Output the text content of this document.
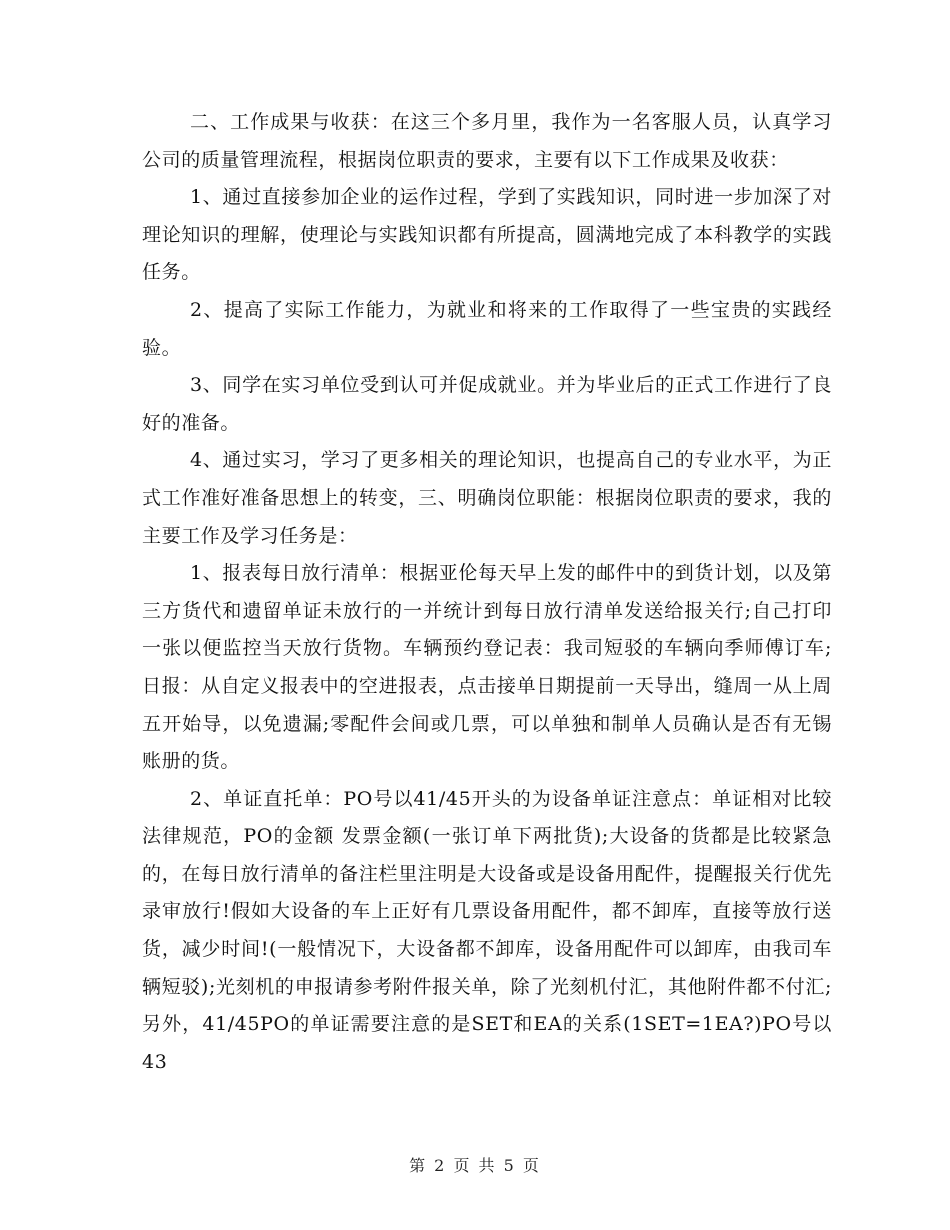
二、工作成果与收获：在这三个多月里，我作为一名客服人员，认真学习公司的质量管理流程，根据岗位职责的要求，主要有以下工作成果及收获：

1、通过直接参加企业的运作过程，学到了实践知识，同时进一步加深了对理论知识的理解，使理论与实践知识都有所提高，圆满地完成了本科教学的实践任务。

2、提高了实际工作能力，为就业和将来的工作取得了一些宝贵的实践经验。

3、同学在实习单位受到认可并促成就业。并为毕业后的正式工作进行了良好的准备。

4、通过实习，学习了更多相关的理论知识，也提高自己的专业水平，为正式工作准好准备思想上的转变，三、明确岗位职能：根据岗位职责的要求，我的主要工作及学习任务是：

1、报表每日放行清单：根据亚伦每天早上发的邮件中的到货计划，以及第三方货代和遗留单证未放行的一并统计到每日放行清单发送给报关行;自己打印一张以便监控当天放行货物。车辆预约登记表：我司短驳的车辆向季师傅订车;日报：从自定义报表中的空进报表，点击接单日期提前一天导出，缝周一从上周五开始导，以免遗漏;零配件会间或几票，可以单独和制单人员确认是否有无锡账册的货。

2、单证直托单：PO号以41/45开头的为设备单证注意点：单证相对比较法律规范，PO的金额 发票金额(一张订单下两批货);大设备的货都是比较紧急的，在每日放行清单的备注栏里注明是大设备或是设备用配件，提醒报关行优先录审放行!假如大设备的车上正好有几票设备用配件，都不卸库，直接等放行送货，减少时间!(一般情况下，大设备都不卸库，设备用配件可以卸库，由我司车辆短驳);光刻机的申报请参考附件报关单，除了光刻机付汇，其他附件都不付汇;另外，41/45PO的单证需要注意的是SET和EA的关系(1SET=1EA?)PO号以43

第 2 页 共 5 页
